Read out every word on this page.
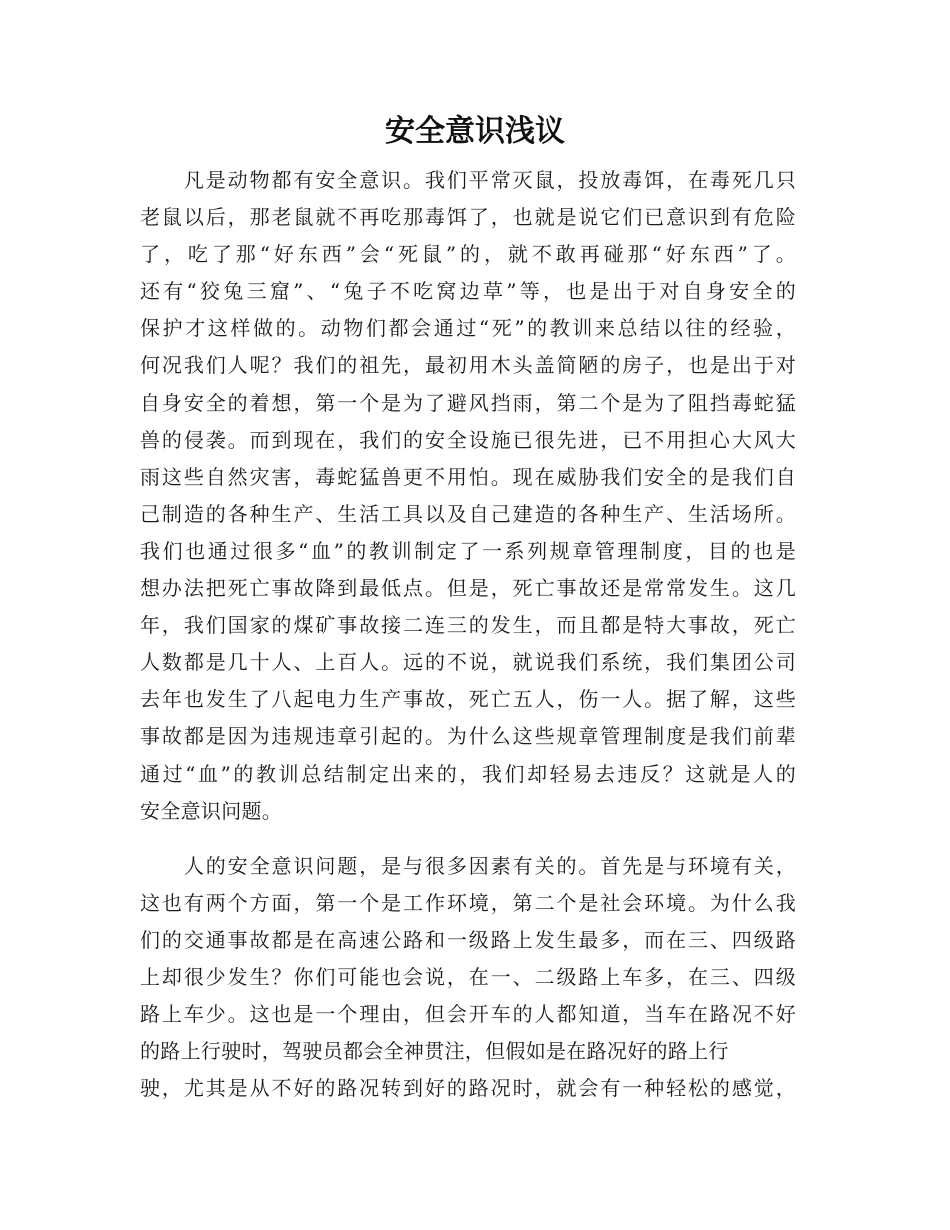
安全意识浅议
　　凡是动物都有安全意识。我们平常灭鼠，投放毒饵，在毒死几只
老鼠以后，那老鼠就不再吃那毒饵了，也就是说它们已意识到有危险
了，吃了那“好东西”会“死鼠”的，就不敢再碰那“好东西”了。
还有“狡兔三窟”、“兔子不吃窝边草”等，也是出于对自身安全的
保护才这样做的。动物们都会通过“死”的教训来总结以往的经验，
何况我们人呢？我们的祖先，最初用木头盖简陋的房子，也是出于对
自身安全的着想，第一个是为了避风挡雨，第二个是为了阻挡毒蛇猛
兽的侵袭。而到现在，我们的安全设施已很先进，已不用担心大风大
雨这些自然灾害，毒蛇猛兽更不用怕。现在威胁我们安全的是我们自
己制造的各种生产、生活工具以及自己建造的各种生产、生活场所。
我们也通过很多“血”的教训制定了一系列规章管理制度，目的也是
想办法把死亡事故降到最低点。但是，死亡事故还是常常发生。这几
年，我们国家的煤矿事故接二连三的发生，而且都是特大事故，死亡
人数都是几十人、上百人。远的不说，就说我们系统，我们集团公司
去年也发生了八起电力生产事故，死亡五人，伤一人。据了解，这些
事故都是因为违规违章引起的。为什么这些规章管理制度是我们前辈
通过“血”的教训总结制定出来的，我们却轻易去违反？这就是人的
安全意识问题。
　　人的安全意识问题，是与很多因素有关的。首先是与环境有关，
这也有两个方面，第一个是工作环境，第二个是社会环境。为什么我
们的交通事故都是在高速公路和一级路上发生最多，而在三、四级路
上却很少发生？你们可能也会说，在一、二级路上车多，在三、四级
路上车少。这也是一个理由，但会开车的人都知道，当车在路况不好
的路上行驶时，驾驶员都会全神贯注，但假如是在路况好的路上行
驶，尤其是从不好的路况转到好的路况时，就会有一种轻松的感觉，
